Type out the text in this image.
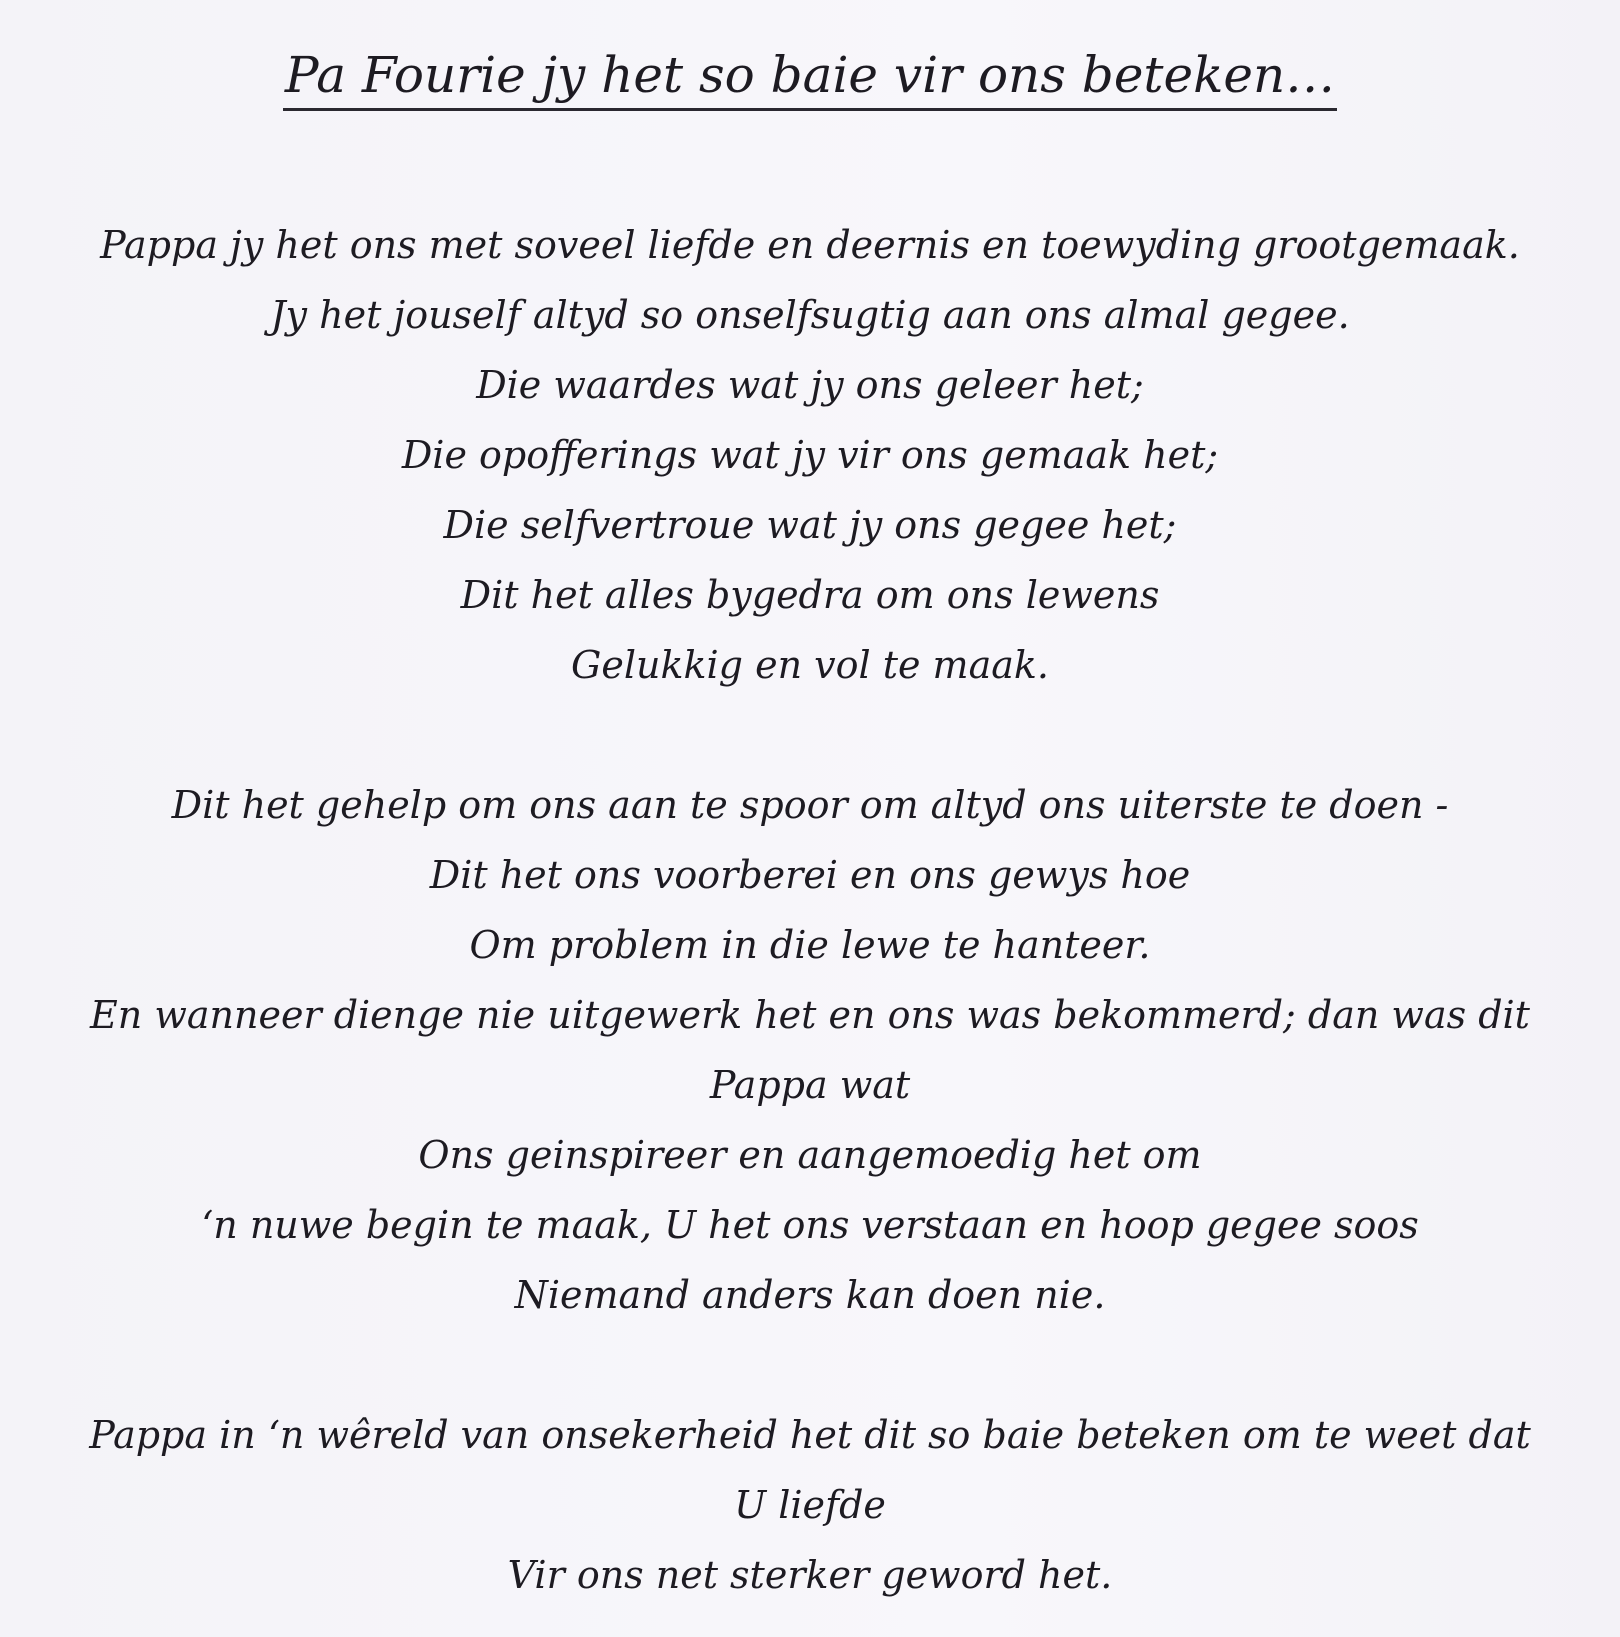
Pa Fourie jy het so baie vir ons beteken…
Pappa jy het ons met soveel liefde en deernis en toewyding grootgemaak.
Jy het jouself altyd so onselfsugtig aan ons almal gegee.
Die waardes wat jy ons geleer het;
Die opofferings wat jy vir ons gemaak het;
Die selfvertroue wat jy ons gegee het;
Dit het alles bygedra om ons lewens
Gelukkig en vol te maak.
Dit het gehelp om ons aan te spoor om altyd ons uiterste te doen -
Dit het ons voorberei en ons gewys hoe
Om problem in die lewe te hanteer.
En wanneer dienge nie uitgewerk het en ons was bekommerd; dan was dit
Pappa wat
Ons geinspireer en aangemoedig het om
‘n nuwe begin te maak, U het ons verstaan en hoop gegee soos
Niemand anders kan doen nie.
Pappa in ‘n wêreld van onsekerheid het dit so baie beteken om te weet dat
U liefde
Vir ons net sterker geword het.
